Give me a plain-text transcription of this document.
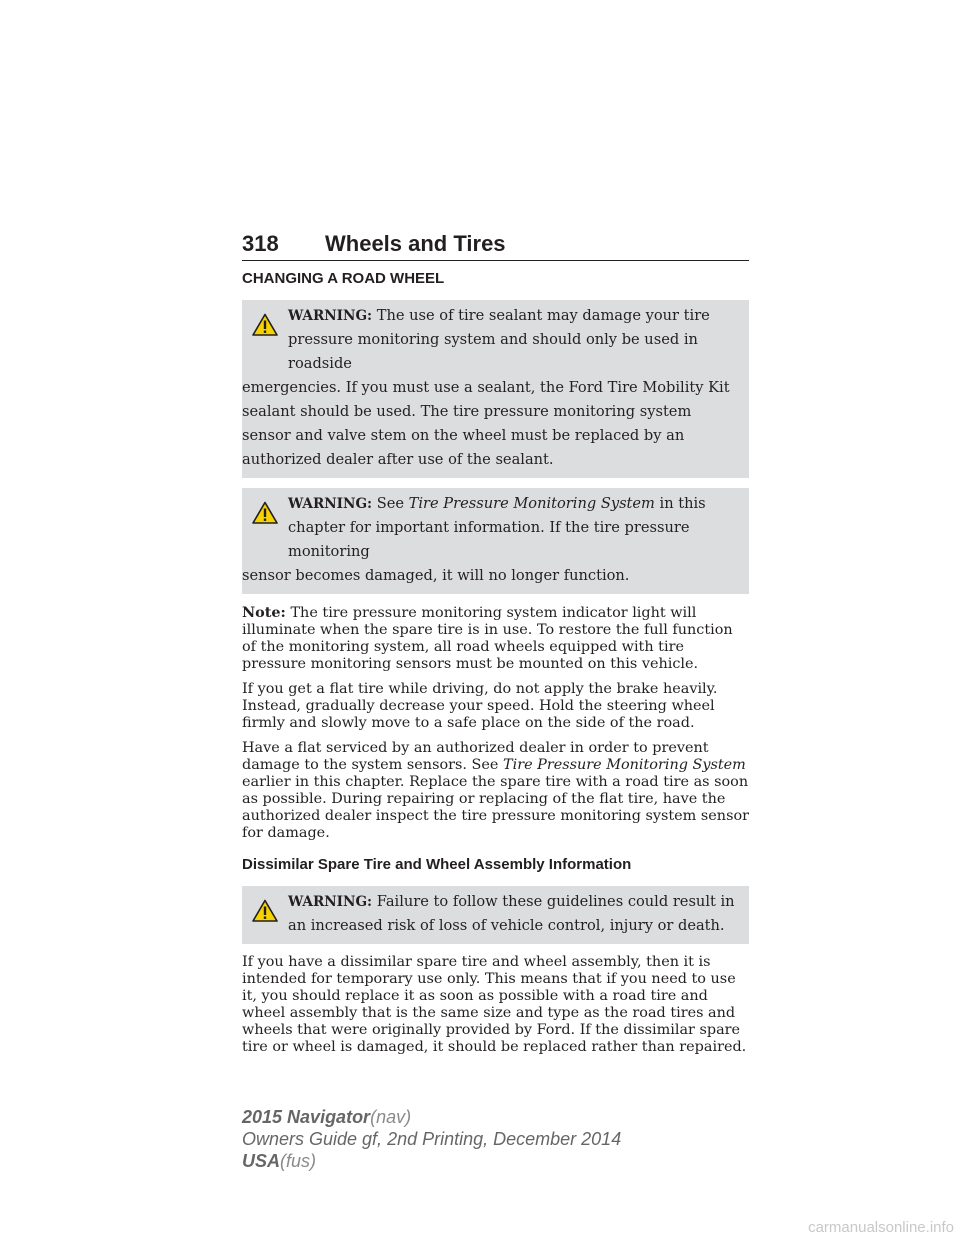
318 Wheels and Tires
CHANGING A ROAD WHEEL
WARNING: The use of tire sealant may damage your tire pressure monitoring system and should only be used in roadside
emergencies. If you must use a sealant, the Ford Tire Mobility Kit sealant should be used. The tire pressure monitoring system sensor and valve stem on the wheel must be replaced by an authorized dealer after use of the sealant.
WARNING: See Tire Pressure Monitoring System in this chapter for important information. If the tire pressure monitoring
sensor becomes damaged, it will no longer function.

Note: The tire pressure monitoring system indicator light will illuminate when the spare tire is in use. To restore the full function of the monitoring system, all road wheels equipped with tire pressure monitoring sensors must be mounted on this vehicle.

If you get a flat tire while driving, do not apply the brake heavily. Instead, gradually decrease your speed. Hold the steering wheel firmly and slowly move to a safe place on the side of the road.

Have a flat serviced by an authorized dealer in order to prevent damage to the system sensors. See Tire Pressure Monitoring System earlier in this chapter. Replace the spare tire with a road tire as soon as possible. During repairing or replacing of the flat tire, have the authorized dealer inspect the tire pressure monitoring system sensor for damage.

Dissimilar Spare Tire and Wheel Assembly Information
WARNING: Failure to follow these guidelines could result in an increased risk of loss of vehicle control, injury or death.

If you have a dissimilar spare tire and wheel assembly, then it is intended for temporary use only. This means that if you need to use it, you should replace it as soon as possible with a road tire and wheel assembly that is the same size and type as the road tires and wheels that were originally provided by Ford. If the dissimilar spare tire or wheel is damaged, it should be replaced rather than repaired.

2015 Navigator(nav)
Owners Guide gf, 2nd Printing, December 2014
USA(fus)
carmanualsonline.info
